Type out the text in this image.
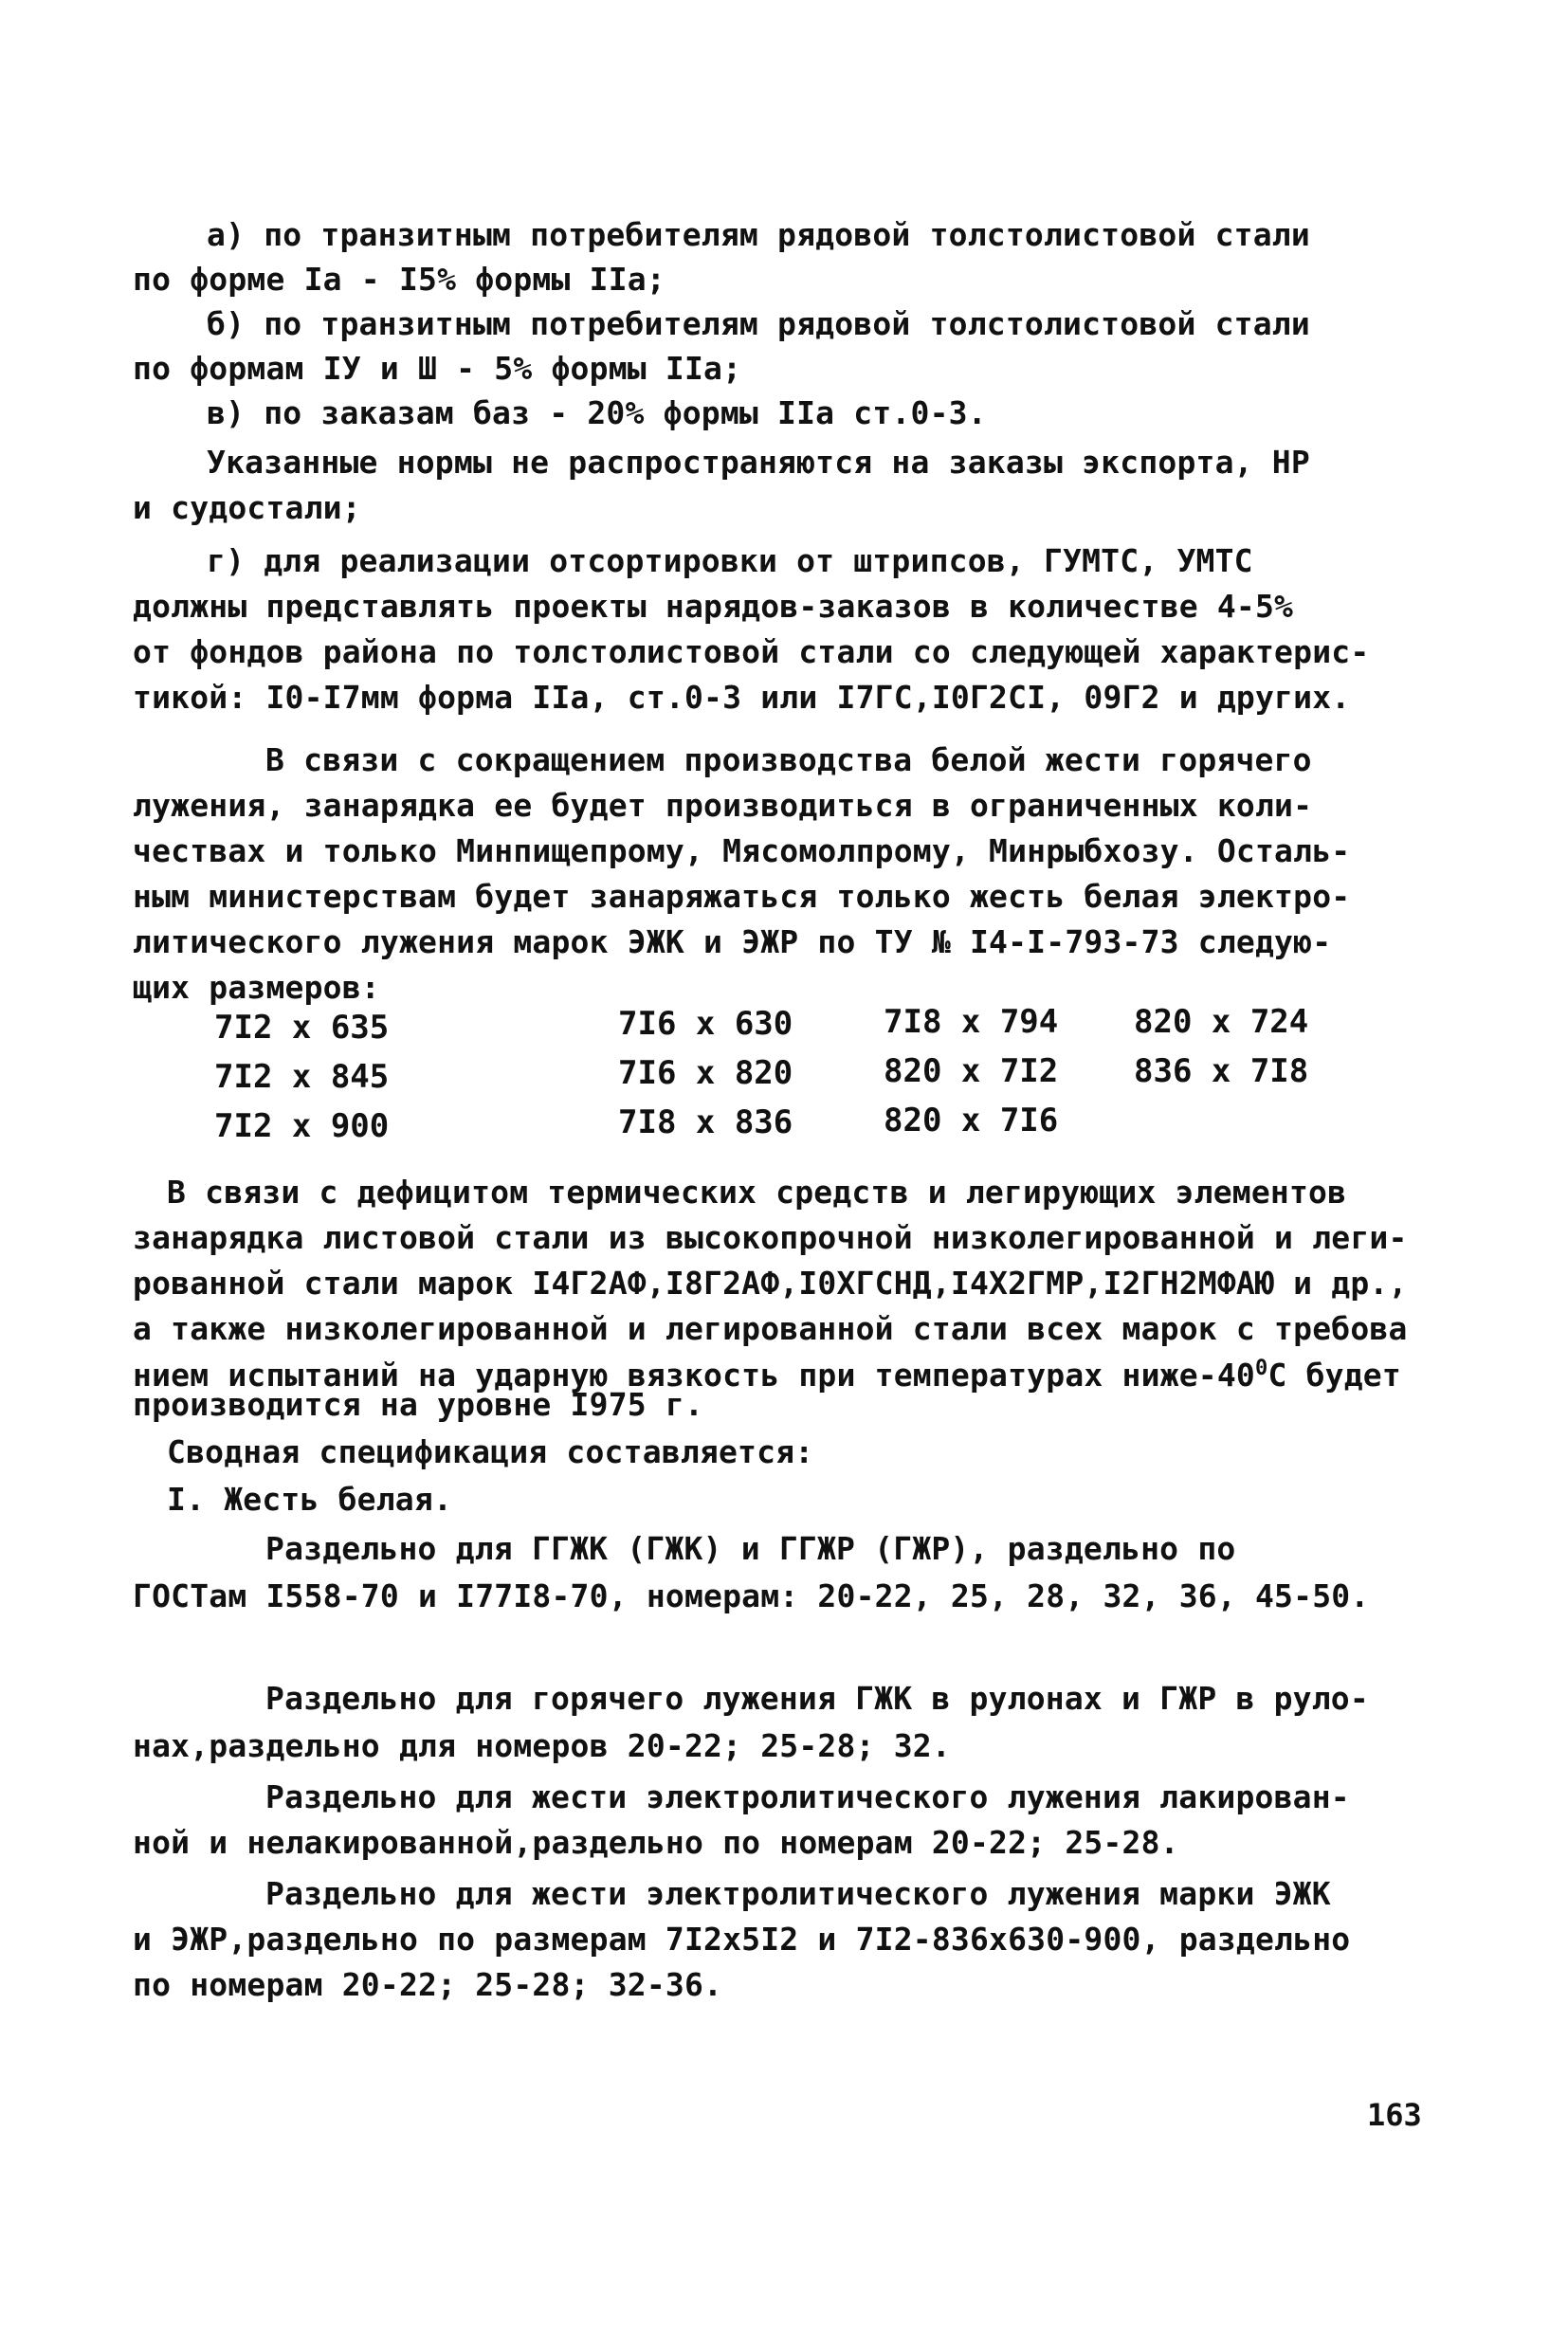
а) по транзитным потребителям рядовой толстолистовой стали
по форме Iа - I5% формы IIа;
б) по транзитным потребителям рядовой толстолистовой стали
по формам IУ и Ш - 5% формы IIа;
в) по заказам баз - 20% формы IIа ст.0-3.
Указанные нормы не распространяются на заказы экспорта, НР
и судостали;
г) для реализации отсортировки от штрипсов, ГУМТС, УМТС
должны представлять проекты нарядов-заказов в количестве 4-5%
от фондов района по толстолистовой стали со следующей характерис-
тикой: I0-I7мм форма IIа, ст.0-3 или I7ГС,I0Г2СI, 09Г2 и других.
В связи с сокращением производства белой жести горячего
лужения, занарядка ее будет производиться в ограниченных коли-
чествах и только Минпищепрому, Мясомолпрому, Минрыбхозу. Осталь-
ным министерствам будет занаряжаться только жесть белая электро-
литического лужения марок ЭЖК и ЭЖР по ТУ № I4-I-793-73 следую-
щих размеров:
7I2 х 635
7I2 х 845
7I2 х 900
7I6 х 630
7I6 х 820
7I8 х 836
7I8 х 794
820 х 7I2
820 х 7I6
820 х 724
836 х 7I8
В связи с дефицитом термических средств и легирующих элементов
занарядка листовой стали из высокопрочной низколегированной и леги-
рованной стали марок I4Г2АФ,I8Г2АФ,I0ХГСНД,I4Х2ГМР,I2ГН2МФАЮ и др.,
а также низколегированной и легированной стали всех марок с требова
нием испытаний на ударную вязкость при температурах ниже-$40^0С$ будет
производится на уровне I975 г.
Сводная спецификация составляется:
I. Жесть белая.
Раздельно для ГГЖК (ГЖК) и ГГЖР (ГЖР), раздельно по
ГОСТам I558-70 и I77I8-70, номерам: 20-22, 25, 28, 32, 36, 45-50.
Раздельно для горячего лужения ГЖК в рулонах и ГЖР в руло-
нах,раздельно для номеров 20-22; 25-28; 32.
Раздельно для жести электролитического лужения лакирован-
ной и нелакированной,раздельно по номерам 20-22; 25-28.
Раздельно для жести электролитического лужения марки ЭЖК
и ЭЖР,раздельно по размерам 7I2х5I2 и 7I2-836х630-900, раздельно
по номерам 20-22; 25-28; 32-36.
163
